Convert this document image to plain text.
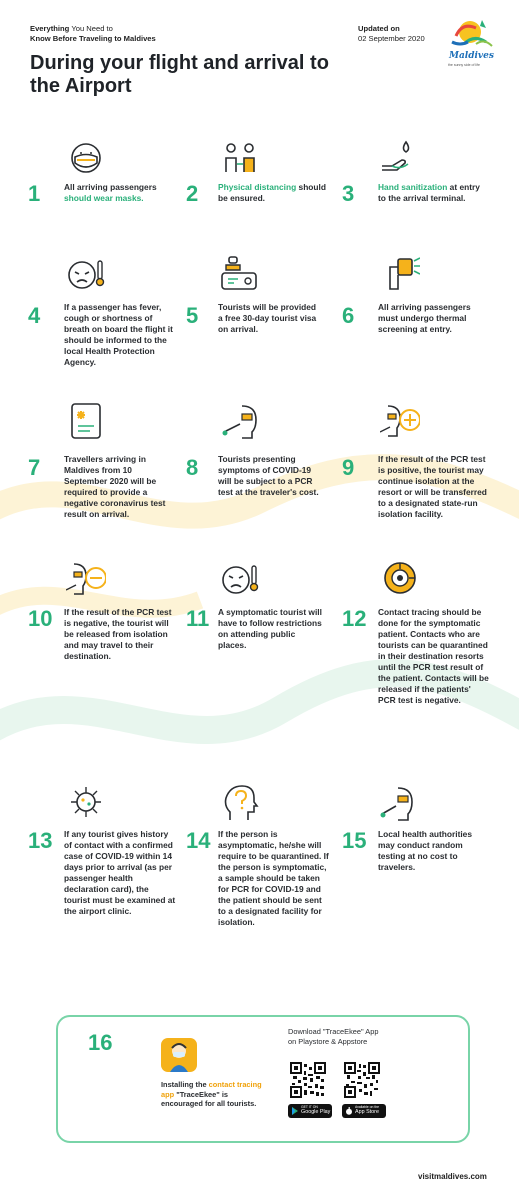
Everything You Need to
Know Before Traveling to Maldives
Updated on
02 September 2020
Maldives
the sunny side of life
During your flight and arrival to the Airport
1	All arriving passengers should wear masks.	2 Physical distancing should be ensured.	3	Hand sanitization at entry to the arrival terminal.
4	If a passenger has fever, cough or shortness of breath on board the flight it should be informed to the local Health Protection Agency.
5 Tourists will be provided a free 30-day tourist visa on arrival.
6	All arriving passengers must undergo thermal screening at entry.
7	Travellers arriving in Maldives from 10 September 2020 will be required to provide a negative coronavirus test result on arrival.
8 Tourists presenting symptoms of COVID-19 will be subject to a PCR test at the traveler's cost.
9	If the result of the PCR test is positive, the tourist may continue isolation at the resort or will be transferred to a designated state-run isolation facility.
10 If the result of the PCR test is negative, the tourist will be released from isolation and may travel to their destination.
11 A symptomatic tourist will have to follow restrictions on attending public places.
12 Contact tracing should be done for the symptomatic patient. Contacts who are tourists can be quarantined in their destination resorts until the PCR test result of the patient. Contacts will be released if the patients' PCR test is negative.
13 If any tourist gives history of contact with a confirmed case of COVID-19 within 14 days prior to arrival (as per passenger health declaration card), the tourist must be examined at the airport clinic.
14 If the person is asymptomatic, he/she will require to be quarantined. If the person is symptomatic, a sample should be taken for PCR for COVID-19 and the patient should be sent to a designated facility for isolation.
15 Local health authorities may conduct random testing at no cost to travelers.
16
Installing the contact tracing app "TraceEkee" is encouraged for all tourists.
Download "TraceEkee" App
on Playstore & Appstore
GET IT ON
Google Play
Available on the
App Store
visitmaldives.com
